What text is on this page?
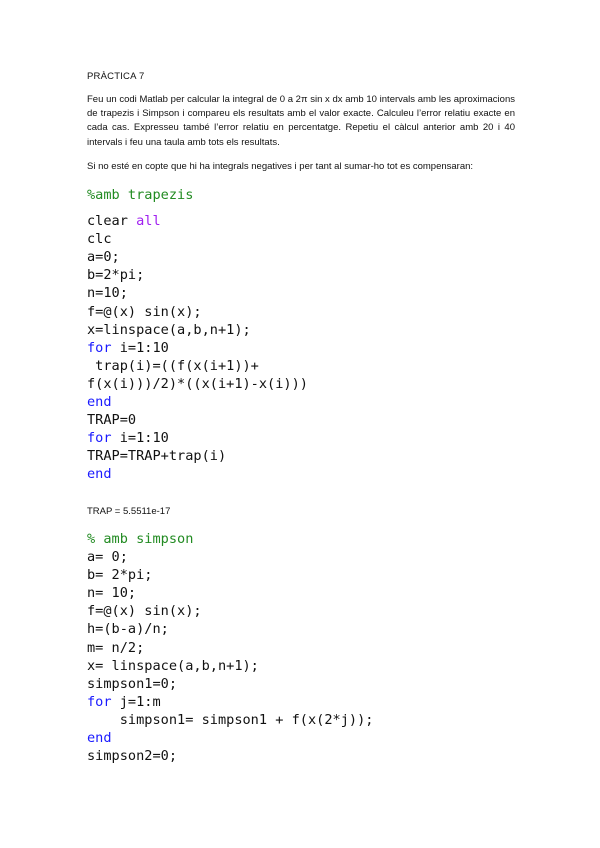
PRÀCTICA 7
Feu un codi Matlab per calcular la integral de 0 a 2π sin x dx amb 10 intervals amb les aproximacions de trapezis i Simpson i compareu els resultats amb el valor exacte. Calculeu l’error relatiu exacte en cada cas. Expresseu també l’error relatiu en percentatge. Repetiu el càlcul anterior amb 20 i 40 intervals i feu una taula amb tots els resultats.
Si no esté en copte que hi ha integrals negatives i per tant al sumar-ho tot es compensaran:
%amb trapezis
clear all
clc
a=0;
b=2*pi;
n=10;
f=@(x) sin(x);
x=linspace(a,b,n+1);
for i=1:10
trap(i)=((f(x(i+1))+
f(x(i)))/2)*((x(i+1)-x(i)))
end
TRAP=0
for i=1:10
TRAP=TRAP+trap(i)
end
TRAP = 5.5511e-17
% amb simpson
a= 0;
b= 2*pi;
n= 10;
f=@(x) sin(x);
h=(b-a)/n;
m= n/2;
x= linspace(a,b,n+1);
simpson1=0;
for j=1:m
simpson1= simpson1 + f(x(2*j));
end
simpson2=0;
